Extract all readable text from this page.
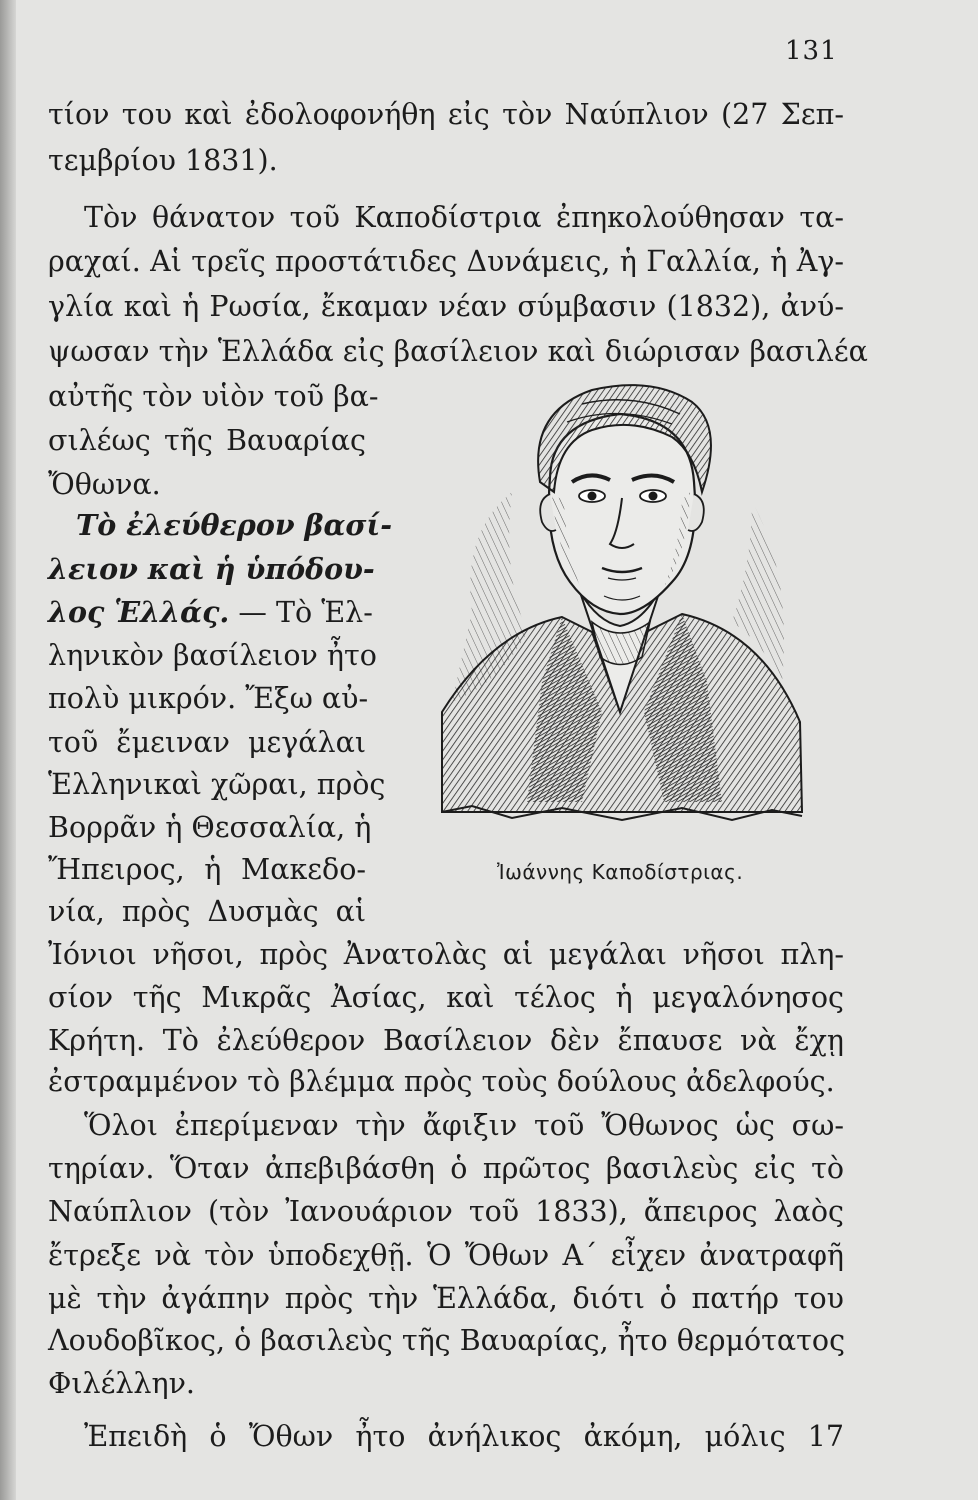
131
τίον του καὶ ἐδολοφονήθη εἰς τὸν Ναύπλιον (27 Σεπ-
τεμβρίου 1831).
Τὸν θάνατον τοῦ Καποδίστρια ἐπηκολούθησαν τα-
ραχαί. Αἱ τρεῖς προστάτιδες Δυνάμεις, ἡ Γαλλία, ἡ Ἀγ-
γλία καὶ ἡ Ρωσία, ἔκαμαν νέαν σύμβασιν (1832), ἀνύ-
ψωσαν τὴν Ἑλλάδα εἰς βασίλειον καὶ διώρισαν βασιλέα
αὐτῆς τὸν υἱὸν τοῦ βα-
σιλέως τῆς Βαυαρίας
Ὄθωνα.
Τὸ ἐλεύθερον βασί-
λειον καὶ ἡ ὑπόδου-
λος Ἑλλάς. — Τὸ Ἑλ-
ληνικὸν βασίλειον ἦτο
πολὺ μικρόν. Ἔξω αὐ-
τοῦ ἔμειναν μεγάλαι
Ἑλληνικαὶ χῶραι, πρὸς
Βορρᾶν ἡ Θεσσαλία, ἡ
Ἤπειρος, ἡ Μακεδο-
νία, πρὸς Δυσμὰς αἱ
Ἰόνιοι νῆσοι, πρὸς Ἀνατολὰς αἱ μεγάλαι νῆσοι πλη-
σίον τῆς Μικρᾶς Ἀσίας, καὶ τέλος ἡ μεγαλόνησος
Κρήτη. Τὸ ἐλεύθερον Βασίλειον δὲν ἔπαυσε νὰ ἔχῃ
ἐστραμμένον τὸ βλέμμα πρὸς τοὺς δούλους ἀδελφούς.
Ὅλοι ἐπερίμεναν τὴν ἄφιξιν τοῦ Ὄθωνος ὡς σω-
τηρίαν. Ὅταν ἀπεβιβάσθη ὁ πρῶτος βασιλεὺς εἰς τὸ
Ναύπλιον (τὸν Ἰανουάριον τοῦ 1833), ἄπειρος λαὸς
ἔτρεξε νὰ τὸν ὑποδεχθῇ. Ὁ Ὄθων Α΄ εἶχεν ἀνατραφῆ
μὲ τὴν ἀγάπην πρὸς τὴν Ἑλλάδα, διότι ὁ πατήρ του
Λουδοβῖκος, ὁ βασιλεὺς τῆς Βαυαρίας, ἦτο θερμότατος
Φιλέλλην.
Ἐπειδὴ ὁ Ὄθων ἦτο ἀνήλικος ἀκόμη, μόλις 17
Ἰωάννης Καποδίστριας.
